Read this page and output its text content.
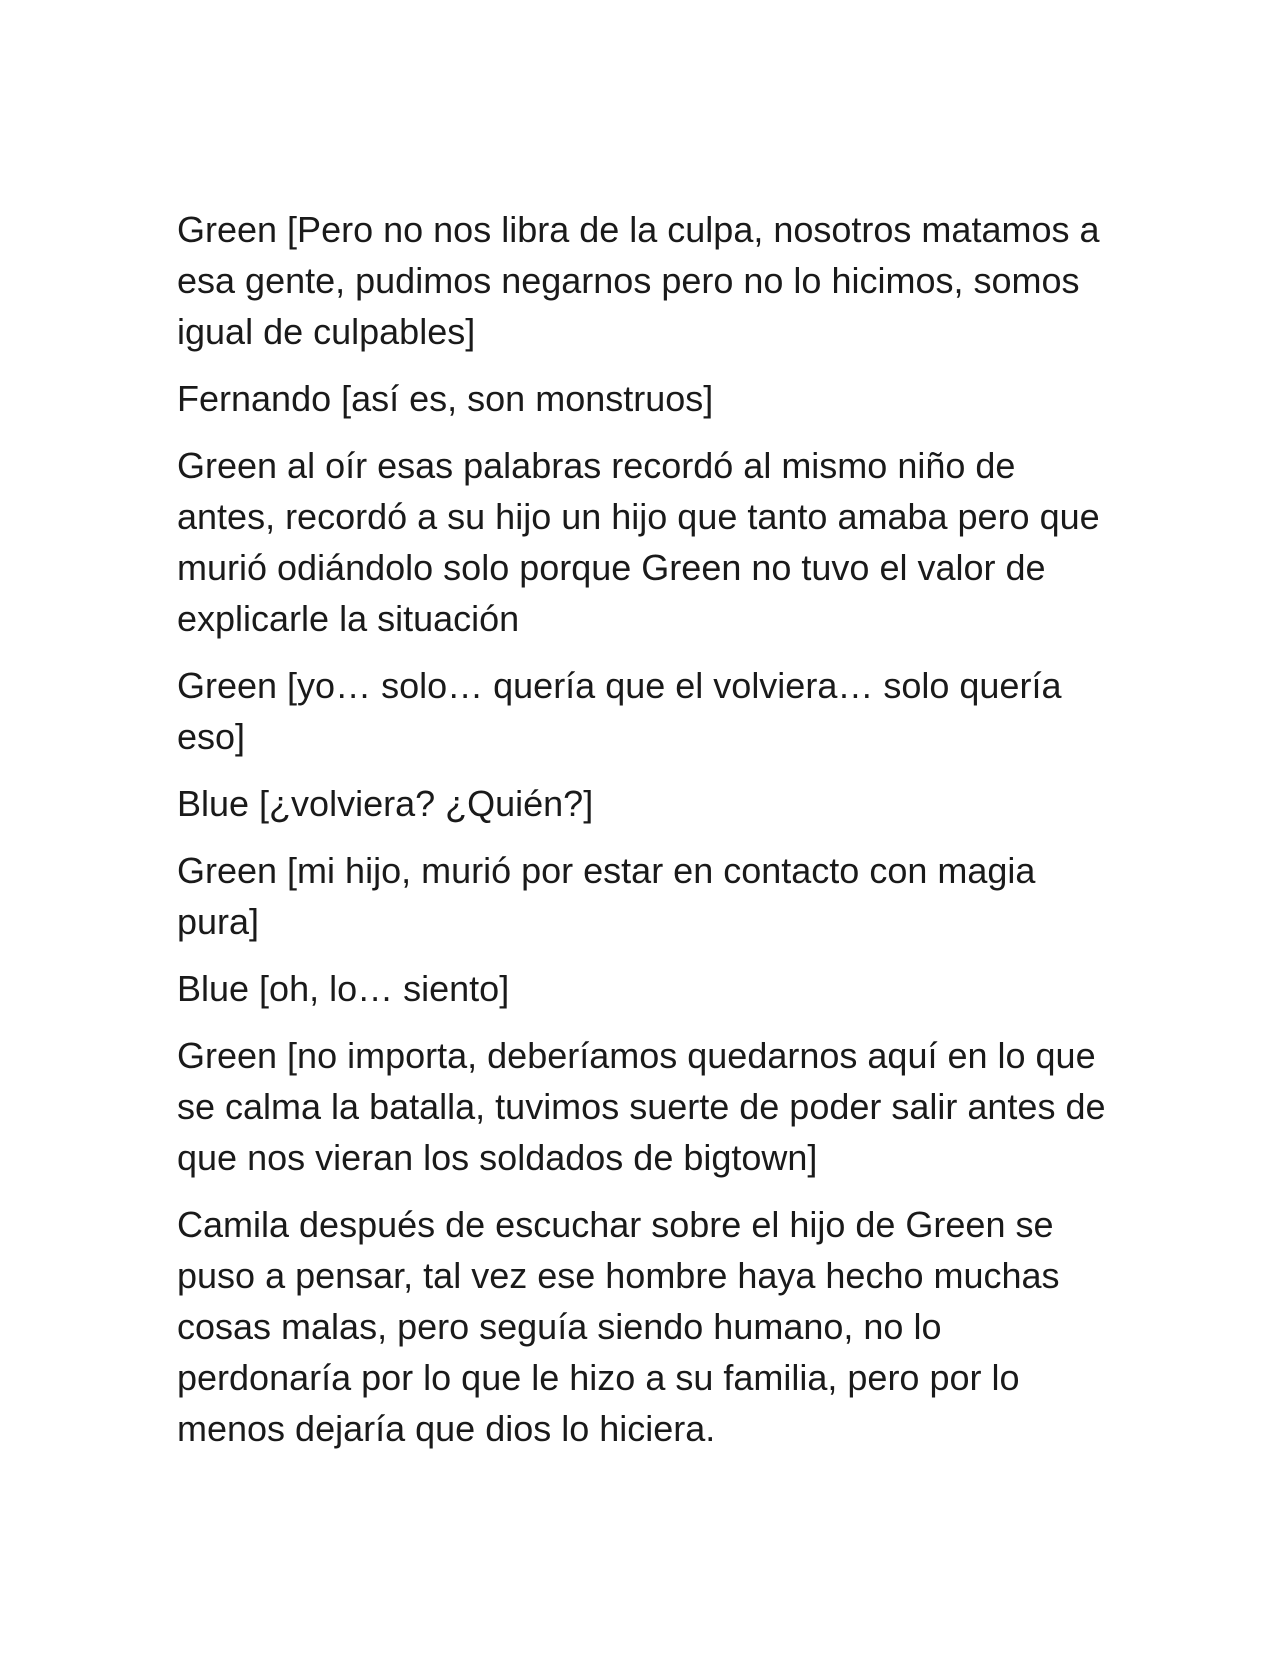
Green [Pero no nos libra de la culpa, nosotros matamos a esa gente, pudimos negarnos pero no lo hicimos, somos igual de culpables]

Fernando [así es, son monstruos]

Green al oír esas palabras recordó al mismo niño de antes, recordó a su hijo un hijo que tanto amaba pero que murió odiándolo solo porque Green no tuvo el valor de explicarle la situación

Green [yo… solo… quería que el volviera… solo quería eso]

Blue [¿volviera? ¿Quién?]

Green [mi hijo, murió por estar en contacto con magia pura]

Blue [oh, lo… siento]

Green [no importa, deberíamos quedarnos aquí en lo que se calma la batalla, tuvimos suerte de poder salir antes de que nos vieran los soldados de bigtown]

Camila después de escuchar sobre el hijo de Green se puso a pensar, tal vez ese hombre haya hecho muchas cosas malas, pero seguía siendo humano, no lo perdonaría por lo que le hizo a su familia, pero por lo menos dejaría que dios lo hiciera.
